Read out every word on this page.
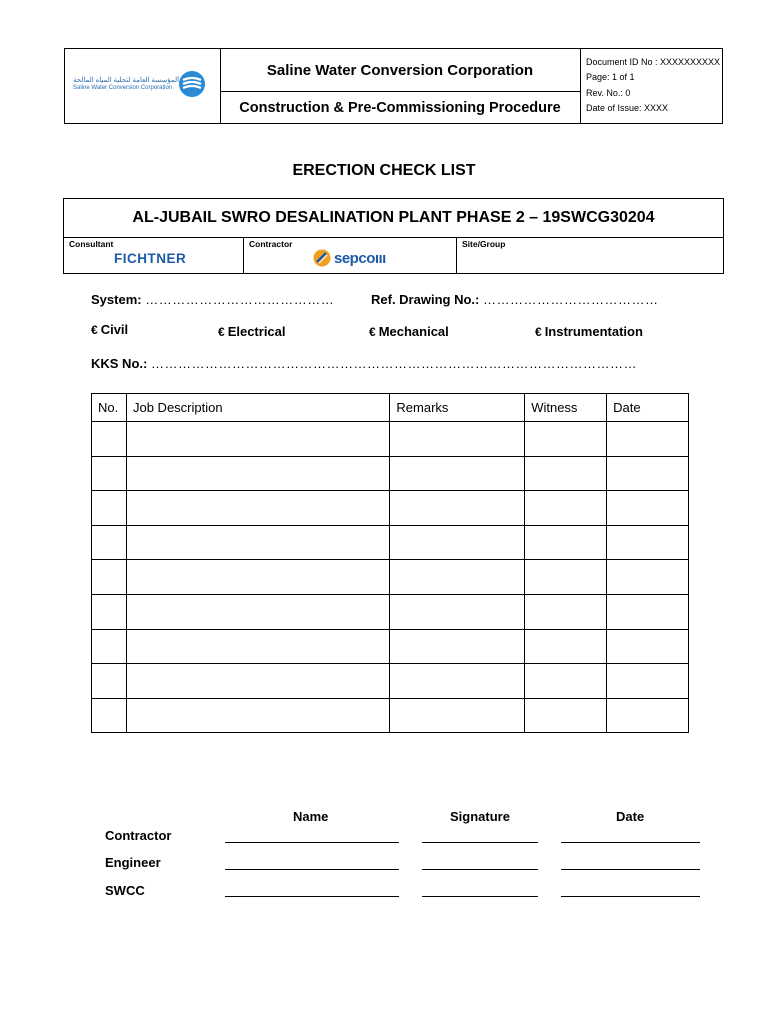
المؤسسة العامة لتحلية المياه المالحة
Saline Water Conversion Corporation
Saline Water Conversion Corporation
Construction & Pre-Commissioning Procedure
Document ID No : XXXXXXXXXX
Page: 1 of 1
Rev. No.: 0
Date of Issue: XXXX
ERECTION CHECK LIST
AL-JUBAIL SWRO DESALINATION PLANT PHASE 2 – 19SWCG30204
Consultant
FICHTNER
Contractor
sepcoııı
Site/Group
System: ……………………………………	Ref. Drawing No.: …………………………………
€ Civil	€ Electrical	€ Mechanical	€ Instrumentation
KKS No.: ………………………………………………………………………………………………
No.	Job Description	Remarks	Witness	Date

Name	Signature	Date
Contractor
Engineer
SWCC
